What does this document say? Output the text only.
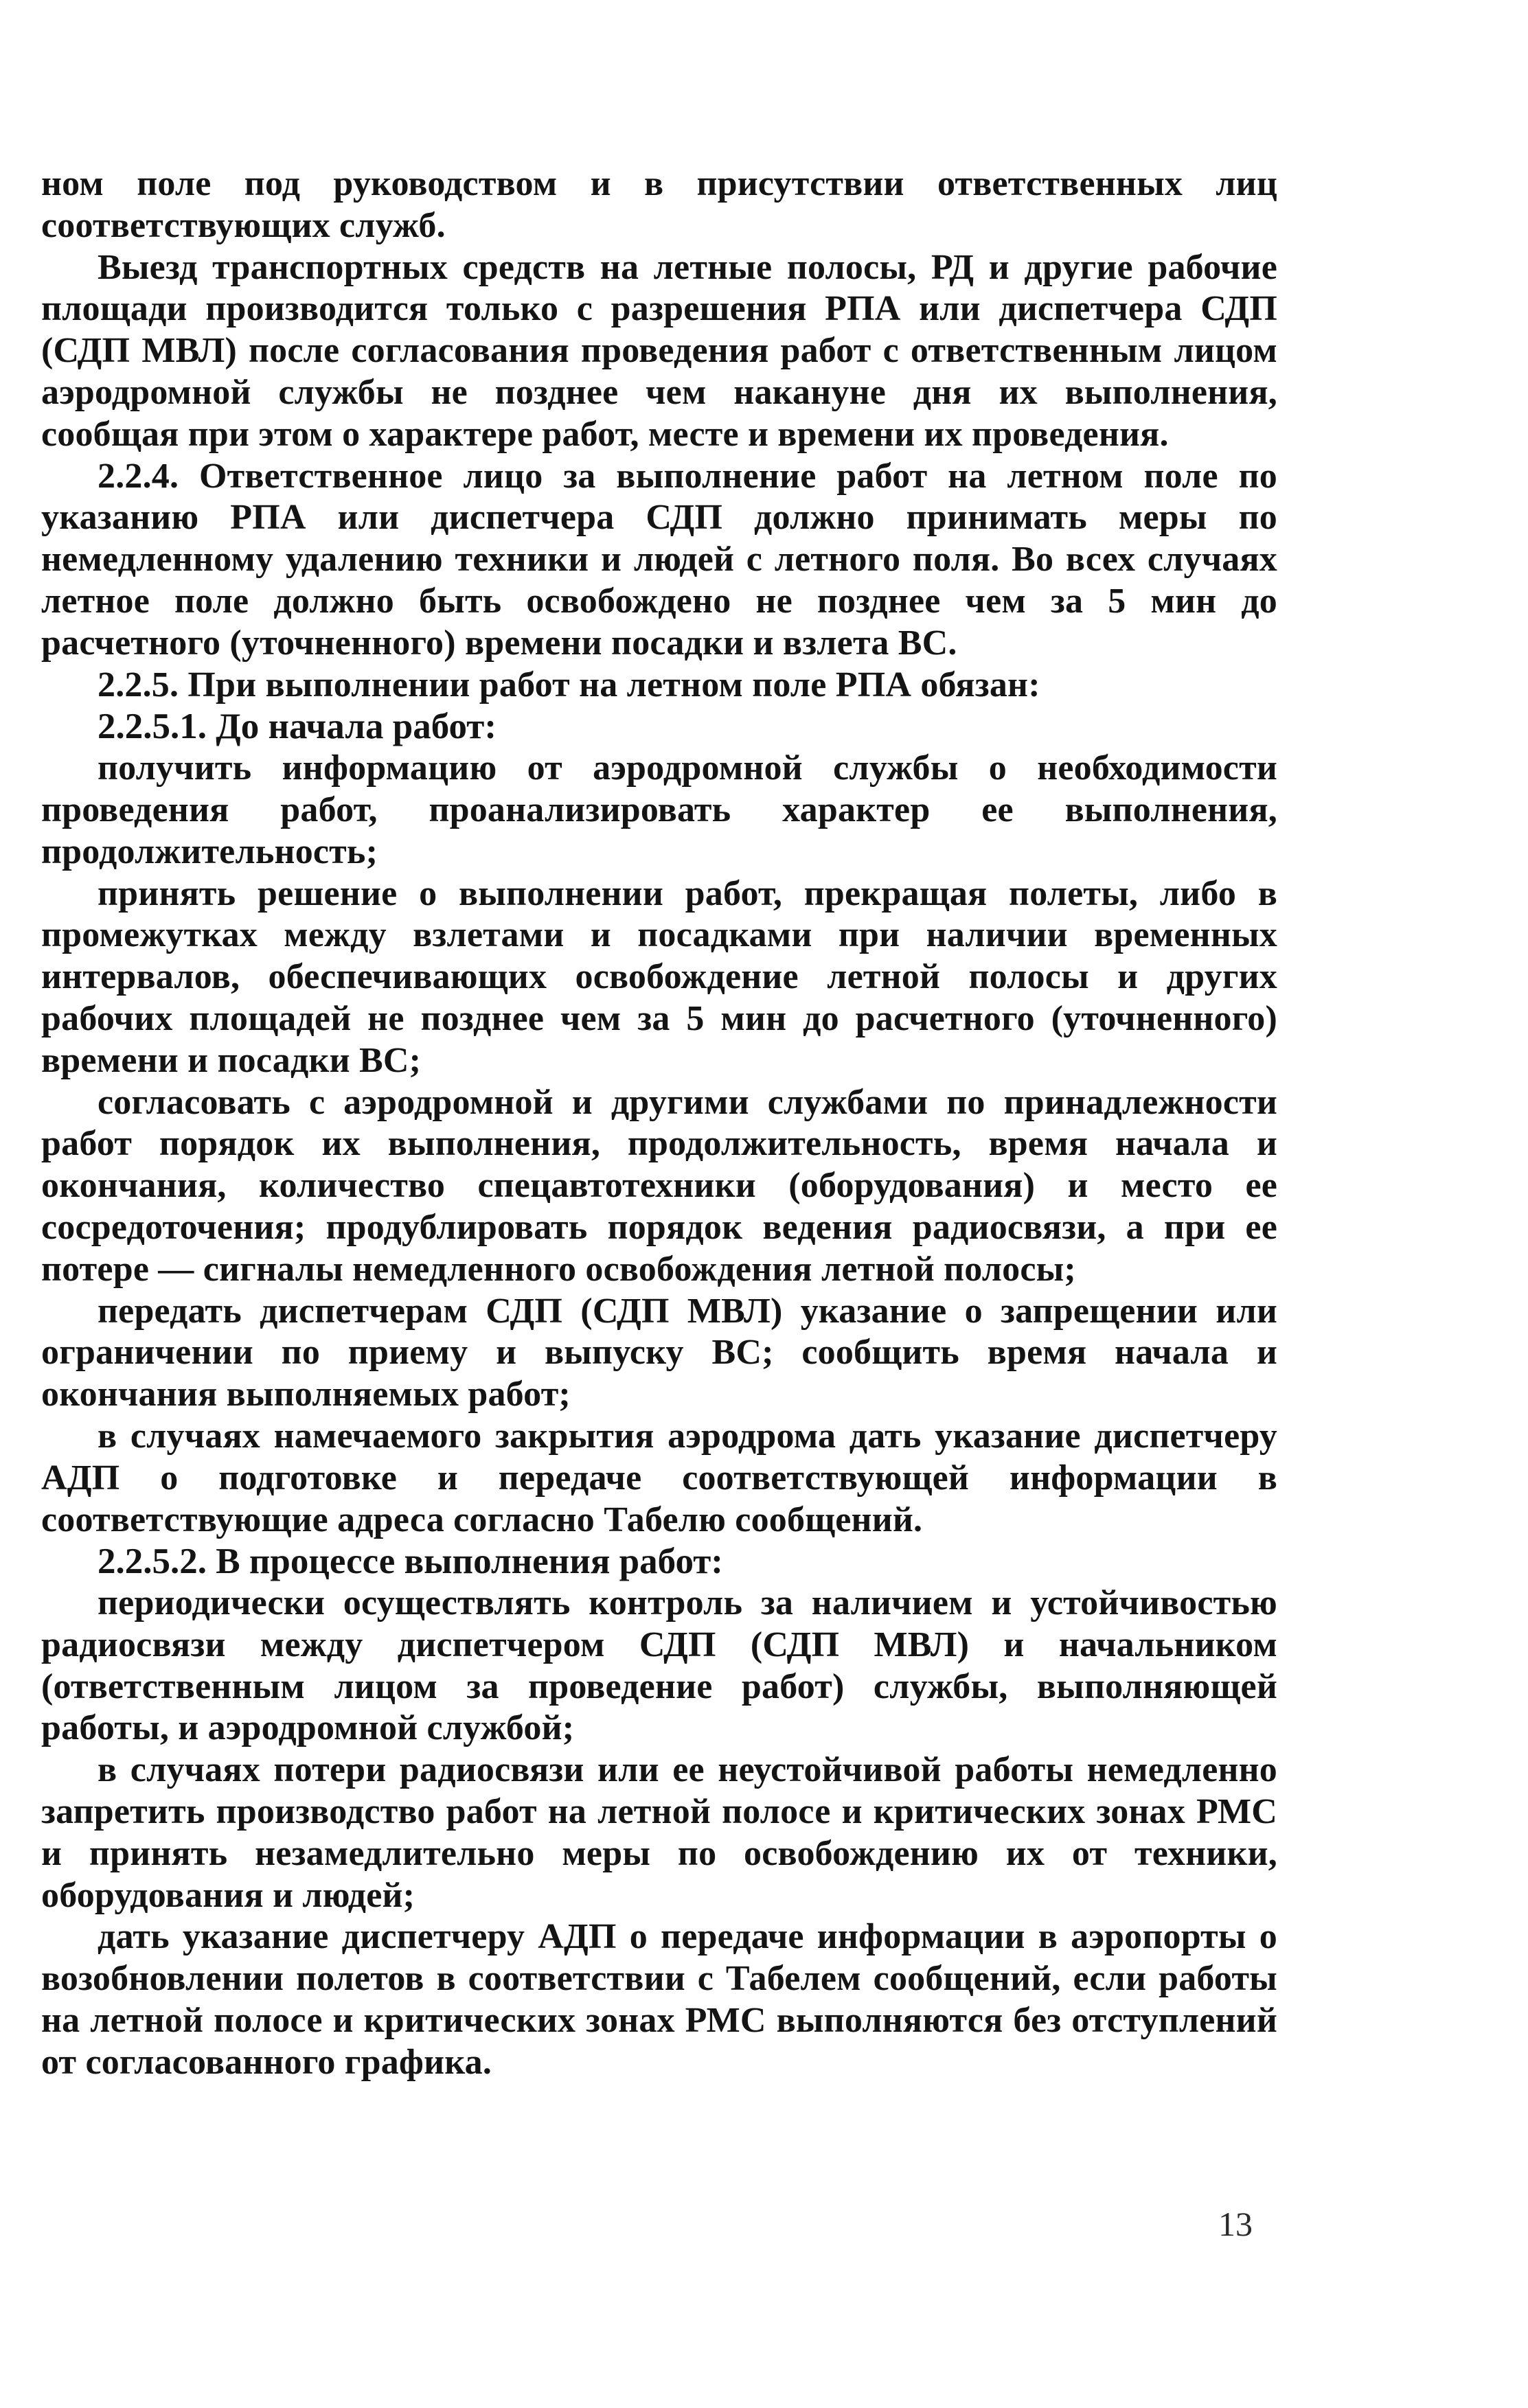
ном поле под руководством и в присутствии ответственных лиц соответствующих служб.

Выезд транспортных средств на летные полосы, РД и другие рабочие площади производится только с разрешения РПА или диспетчера СДП (СДП МВЛ) после согласования проведения работ с ответственным лицом аэродромной службы не позднее чем накануне дня их выполнения, сообщая при этом о характере работ, месте и времени их проведения.

2.2.4. Ответственное лицо за выполнение работ на летном поле по указанию РПА или диспетчера СДП должно принимать меры по немедленному удалению техники и людей с летного поля. Во всех случаях летное поле должно быть освобождено не позднее чем за 5 мин до расчетного (уточненного) времени посадки и взлета ВС.

2.2.5. При выполнении работ на летном поле РПА обязан:

2.2.5.1. До начала работ:

получить информацию от аэродромной службы о необходимости проведения работ, проанализировать характер ее выполнения, продолжительность;

принять решение о выполнении работ, прекращая полеты, либо в промежутках между взлетами и посадками при наличии временных интервалов, обеспечивающих освобождение летной полосы и других рабочих площадей не позднее чем за 5 мин до расчетного (уточненного) времени и посадки ВС;

согласовать с аэродромной и другими службами по принадлежности работ порядок их выполнения, продолжительность, время начала и окончания, количество спецавтотехники (оборудования) и место ее сосредоточения; продублировать порядок ведения радиосвязи, а при ее потере — сигналы немедленного освобождения летной полосы;

передать диспетчерам СДП (СДП МВЛ) указание о запрещении или ограничении по приему и выпуску ВС; сообщить время начала и окончания выполняемых работ;

в случаях намечаемого закрытия аэродрома дать указание диспетчеру АДП о подготовке и передаче соответствующей информации в соответствующие адреса согласно Табелю сообщений.

2.2.5.2. В процессе выполнения работ:

периодически осуществлять контроль за наличием и устойчивостью радиосвязи между диспетчером СДП (СДП МВЛ) и начальником (ответственным лицом за проведение работ) службы, выполняющей работы, и аэродромной службой;

в случаях потери радиосвязи или ее неустойчивой работы немедленно запретить производство работ на летной полосе и критических зонах РМС и принять незамедлительно меры по освобождению их от техники, оборудования и людей;

дать указание диспетчеру АДП о передаче информации в аэропорты о возобновлении полетов в соответствии с Табелем сообщений, если работы на летной полосе и критических зонах РМС выполняются без отступлений от согласованного графика.

13
